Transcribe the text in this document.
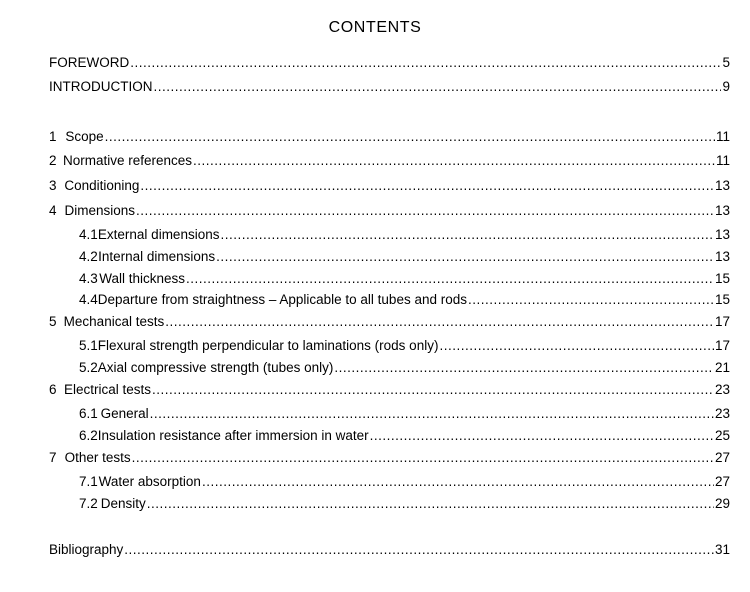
CONTENTS
FOREWORD .....	5
INTRODUCTION .....	9
1 Scope .....	11
2 Normative references .....	11
3 Conditioning .....	13
4 Dimensions .....	13
4.1 External dimensions .....	13
4.2 Internal dimensions .....	13
4.3 Wall thickness .....	15
4.4 Departure from straightness – Applicable to all tubes and rods .....	15
5 Mechanical tests .....	17
5.1 Flexural strength perpendicular to laminations (rods only) .....	17
5.2 Axial compressive strength (tubes only) .....	21
6 Electrical tests .....	23
6.1 General .....	23
6.2 Insulation resistance after immersion in water .....	25
7 Other tests .....	27
7.1 Water absorption .....	27
7.2 Density .....	29
Bibliography .....	31
